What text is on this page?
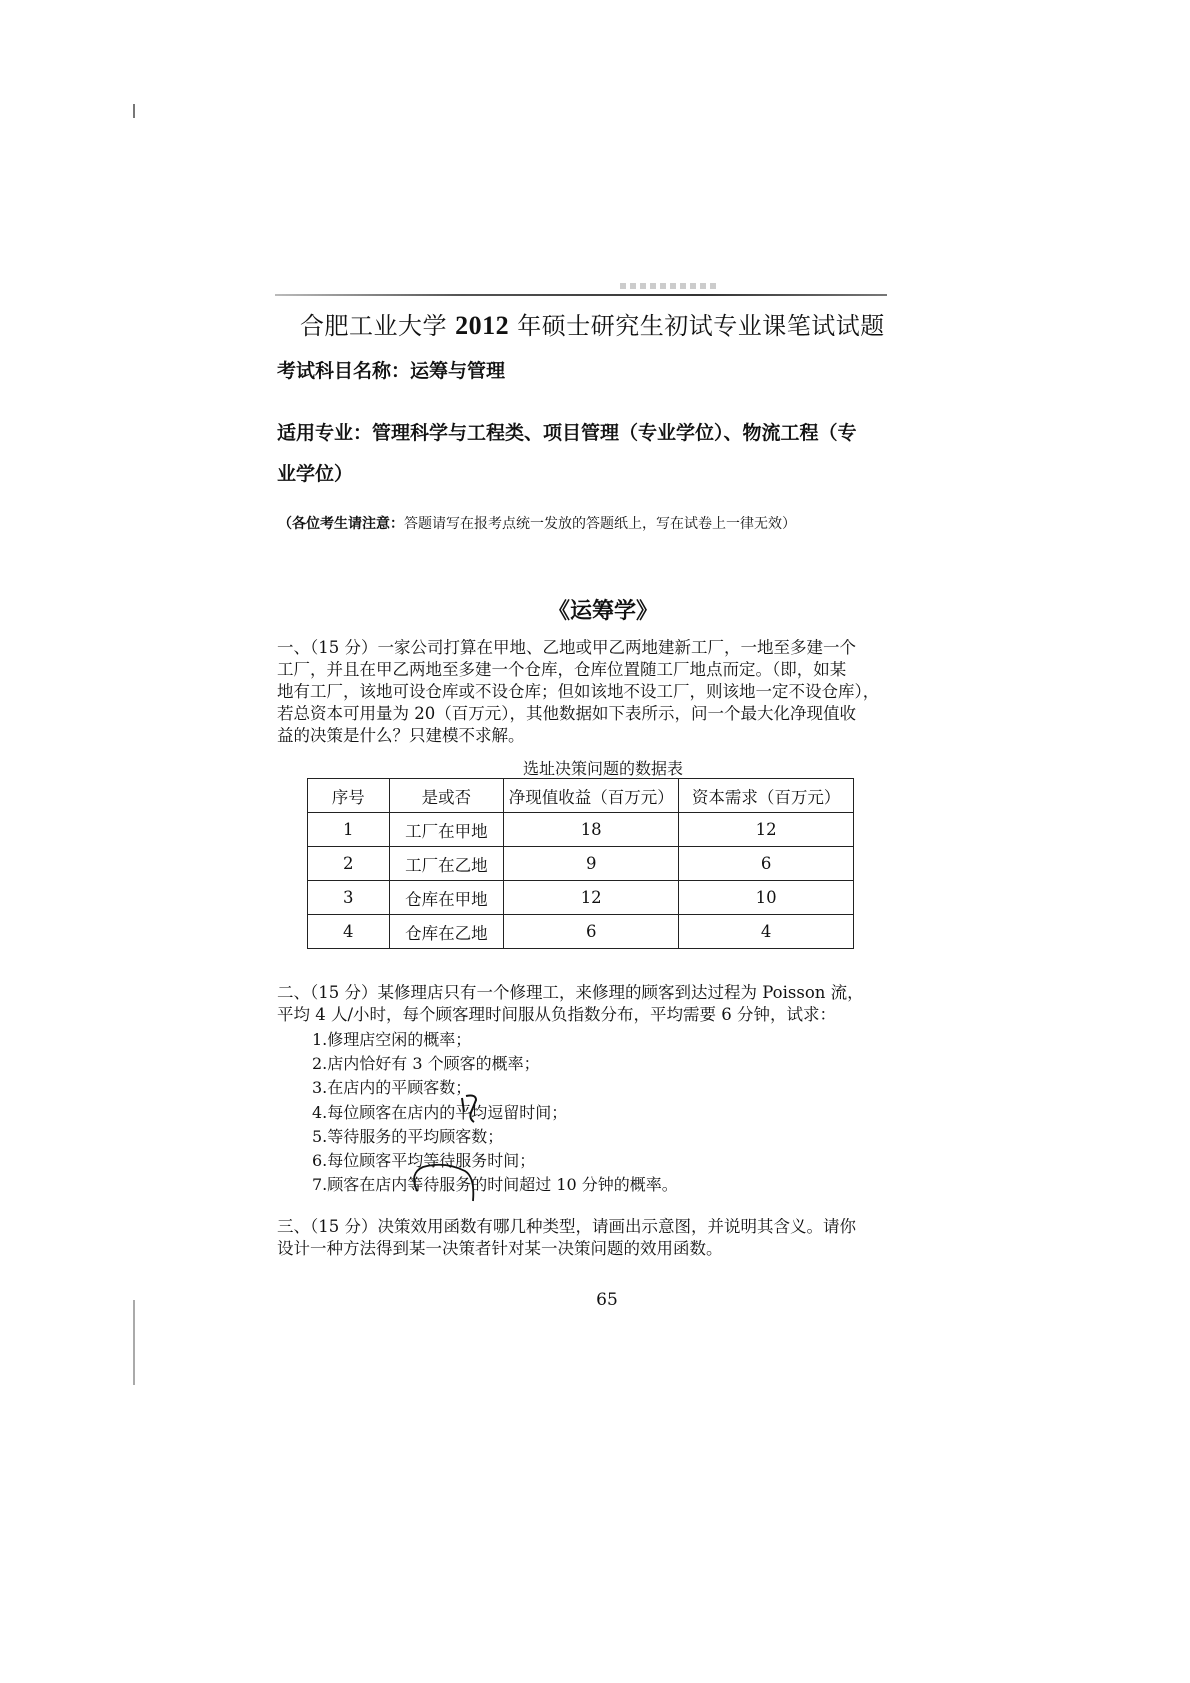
合肥工业大学 2012 年硕士研究生初试专业课笔试试题
考试科目名称：运筹与管理
适用专业：管理科学与工程类、项目管理（专业学位）、物流工程（专
业学位）
（各位考生请注意：答题请写在报考点统一发放的答题纸上，写在试卷上一律无效）
《运筹学》
一、（15 分）一家公司打算在甲地、乙地或甲乙两地建新工厂，一地至多建一个
工厂，并且在甲乙两地至多建一个仓库，仓库位置随工厂地点而定。（即，如某
地有工厂，该地可设仓库或不设仓库；但如该地不设工厂，则该地一定不设仓库），
若总资本可用量为 20（百万元），其他数据如下表所示，问一个最大化净现值收
益的决策是什么？只建模不求解。
选址决策问题的数据表
序号	是或否	净现值收益（百万元）	资本需求（百万元）
1	工厂在甲地	18	12
2	工厂在乙地	9	6
3	仓库在甲地	12	10
4	仓库在乙地	6	4
二、（15 分）某修理店只有一个修理工，来修理的顾客到达过程为 Poisson 流，
平均 4 人/小时，每个顾客理时间服从负指数分布，平均需要 6 分钟，试求：
1.修理店空闲的概率；
2.店内恰好有 3 个顾客的概率；
3.在店内的平顾客数；
4.每位顾客在店内的平均逗留时间；
5.等待服务的平均顾客数；
6.每位顾客平均等待服务时间；
7.顾客在店内等待服务的时间超过 10 分钟的概率。
三、（15 分）决策效用函数有哪几种类型，请画出示意图，并说明其含义。请你
设计一种方法得到某一决策者针对某一决策问题的效用函数。
65
